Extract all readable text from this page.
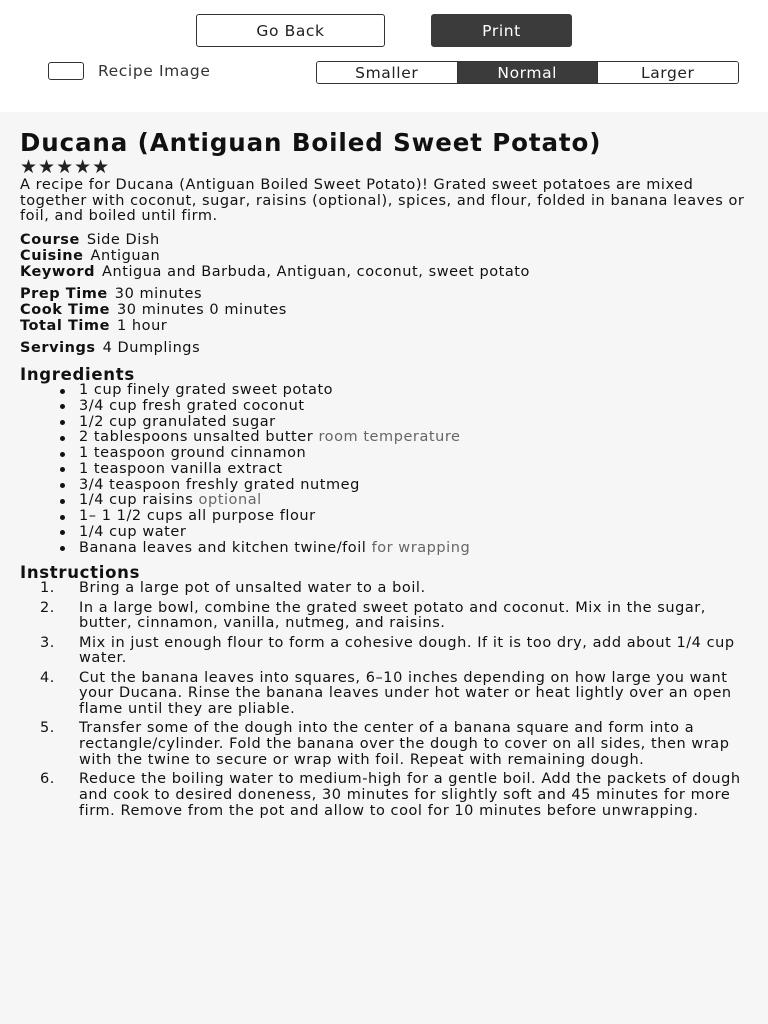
Go Back	Print
Recipe Image	Smaller	Normal	Larger
Ducana (Antiguan Boiled Sweet Potato)
★★★★★

A recipe for Ducana (Antiguan Boiled Sweet Potato)! Grated sweet potatoes are mixed together with coconut, sugar, raisins (optional), spices, and flour, folded in banana leaves or foil, and boiled until firm.

Course Side Dish
Cuisine Antiguan
Keyword Antigua and Barbuda, Antiguan, coconut, sweet potato
Prep Time 30 minutes
Cook Time 30 minutes 0 minutes
Total Time 1 hour
Servings 4 Dumplings
Ingredients
1 cup finely grated sweet potato
3/4 cup fresh grated coconut
1/2 cup granulated sugar
2 tablespoons unsalted butter room temperature
1 teaspoon ground cinnamon
1 teaspoon vanilla extract
3/4 teaspoon freshly grated nutmeg
1/4 cup raisins optional
1– 1 1/2 cups all purpose flour
1/4 cup water
Banana leaves and kitchen twine/foil for wrapping
Instructions
1.	Bring a large pot of unsalted water to a boil.
2.	In a large bowl, combine the grated sweet potato and coconut. Mix in the sugar, butter, cinnamon, vanilla, nutmeg, and raisins.
3.	Mix in just enough flour to form a cohesive dough. If it is too dry, add about 1/4 cup water.
4.	Cut the banana leaves into squares, 6–10 inches depending on how large you want your Ducana. Rinse the banana leaves under hot water or heat lightly over an open flame until they are pliable.
5.	Transfer some of the dough into the center of a banana square and form into a rectangle/cylinder. Fold the banana over the dough to cover on all sides, then wrap with the twine to secure or wrap with foil. Repeat with remaining dough.
6.	Reduce the boiling water to medium-high for a gentle boil. Add the packets of dough and cook to desired doneness, 30 minutes for slightly soft and 45 minutes for more firm. Remove from the pot and allow to cool for 10 minutes before unwrapping.
